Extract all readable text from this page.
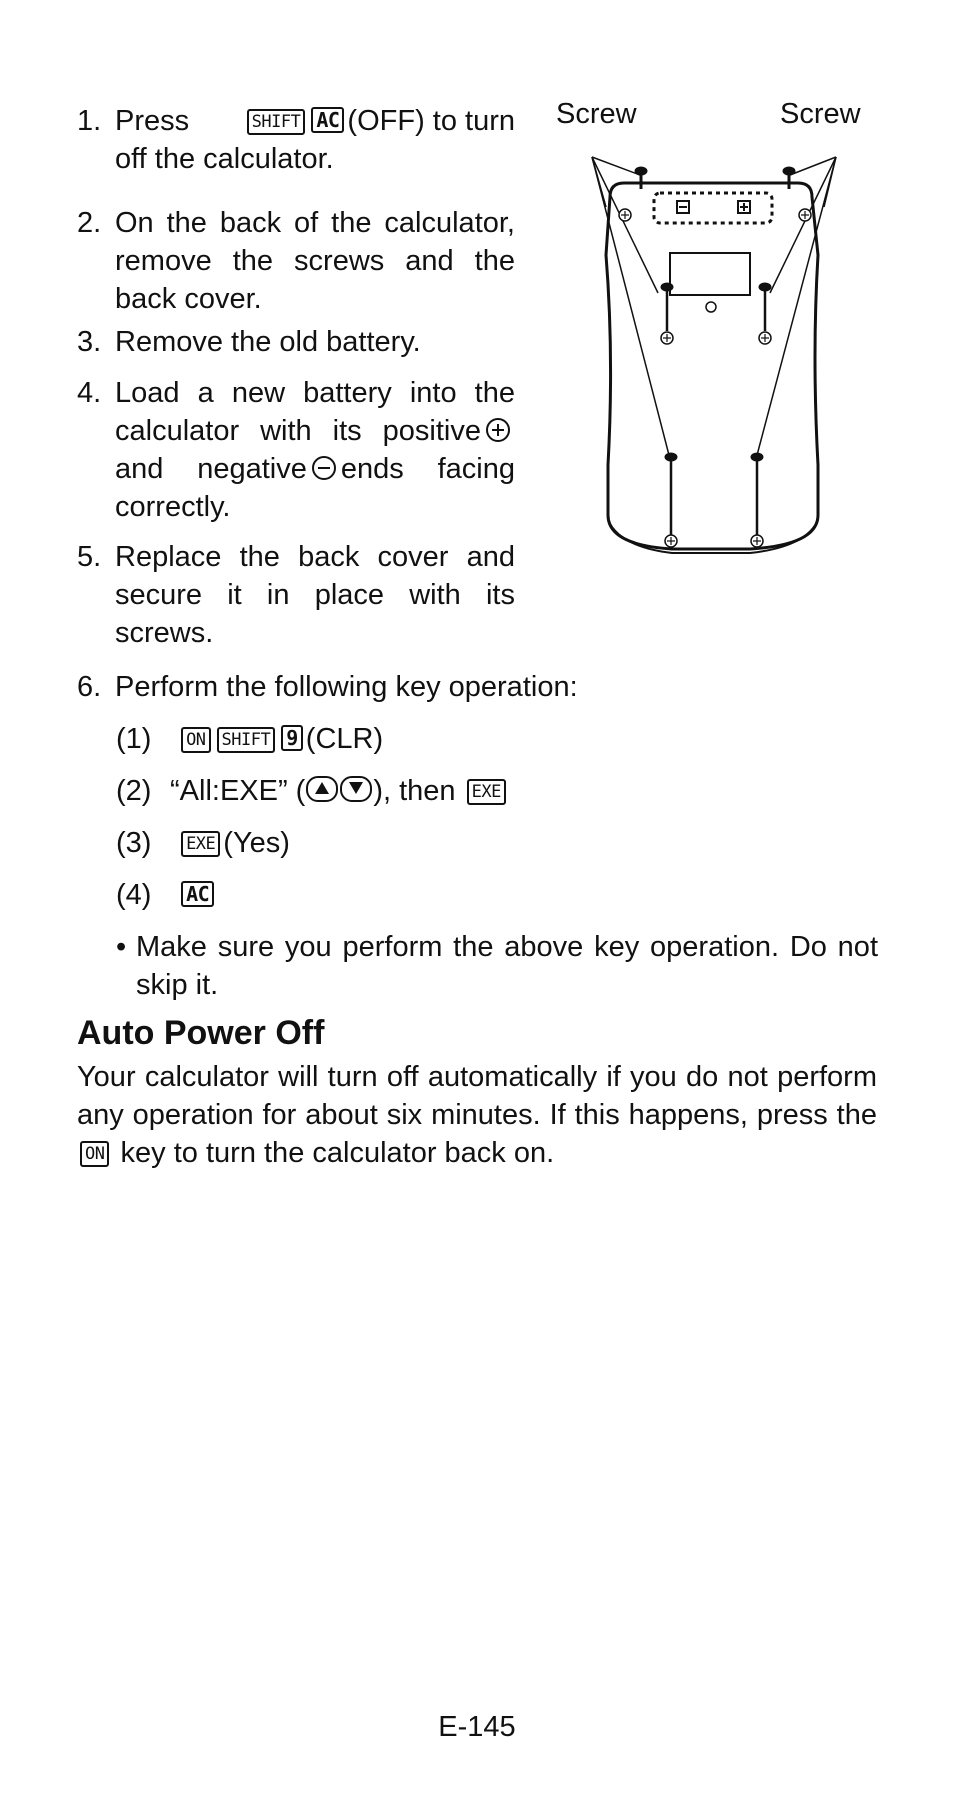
1. Press	SHIFT AC (OFF) to turn
off the calculator.
2. On the back of the calculator, remove the screws and the back cover.
3. Remove the old battery.
4. Load a new battery into the calculator with its positive and negative ends facing correctly.
5. Replace the back cover and secure it in place with its screws.
6. Perform the following key operation:
(1) ON SHIFT 9 (CLR)
(2) “All:EXE” ( ), then EXE
(3) EXE (Yes)
(4) AC
• Make sure you perform the above key operation. Do not skip it.
Auto Power Off
Your calculator will turn off automatically if you do not perform any operation for about six minutes. If this happens, press the ON key to turn the calculator back on.
Screw	Screw
E-145
